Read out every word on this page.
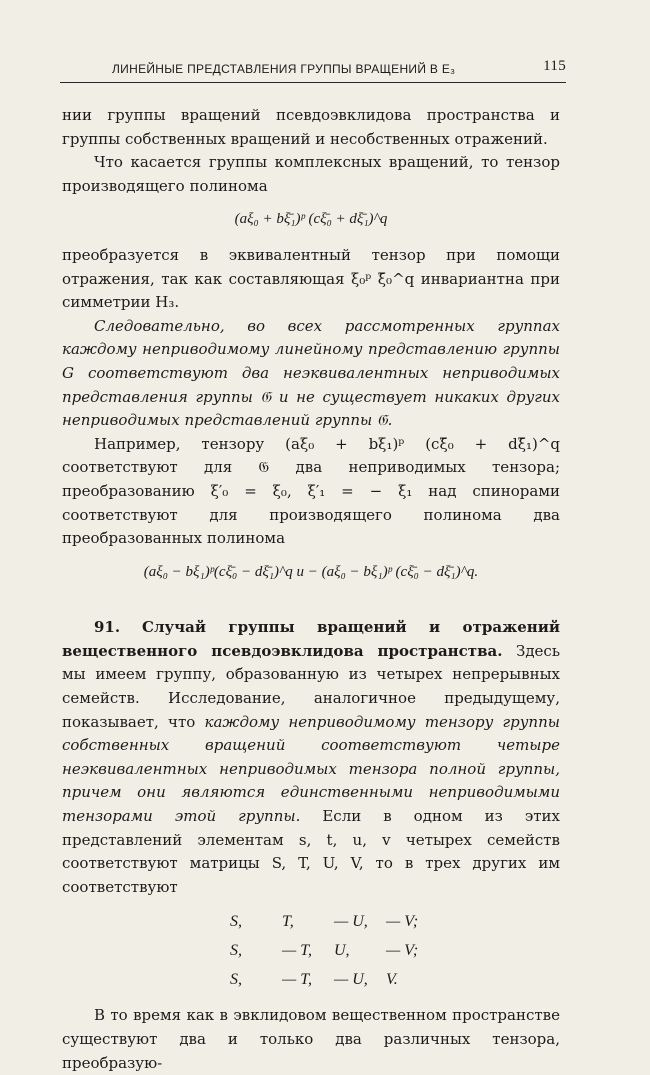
ЛИНЕЙНЫЕ ПРЕДСТАВЛЕНИЯ ГРУППЫ ВРАЩЕНИЙ В E₃	115

нии группы вращений псевдоэвклидова пространства и группы собственных вращений и несобственных отражений.

Что касается группы комплексных вращений, то тензор производящего полинома

(aξ₀ + bξ̄₁)ᵖ (cξ̄₀ + dξ̄₁)^q

преобразуется в эквивалентный тензор при помощи отражения, так как составляющая ξ₀ᵖ ξ̄₀^q инвариантна при симметрии H₃.

Следовательно, во всех рассмотренных группах каждому неприводимому линейному представлению группы G соответствуют два неэквивалентных неприводимых представления группы 𝔊 и не существует никаких других неприводимых представлений группы 𝔊.

Например, тензору (aξ₀ + bξ₁)ᵖ (cξ̄₀ + dξ̄₁)^q соответствуют для 𝔊 два неприводимых тензора; преобразованию ξ′₀ = ξ₀, ξ′₁ = − ξ₁ над спинорами соответствуют для производящего полинома два преобразованных полинома

(aξ₀ − bξ₁)ᵖ(cξ̄₀ − dξ̄₁)^q и − (aξ₀ − bξ₁)ᵖ (cξ̄₀ − dξ̄₁)^q.

91. Случай группы вращений и отражений вещественного псевдоэвклидова пространства. Здесь мы имеем группу, образованную из четырех непрерывных семейств. Исследование, аналогичное предыдущему, показывает, что каждому неприводимому тензору группы собственных вращений соответствуют четыре неэквивалентных неприводимых тензора полной группы, причем они являются единственными неприводимыми тензорами этой группы. Если в одном из этих представлений элементам s, t, u, v четырех семейств соответствуют матрицы S, T, U, V, то в трех других им соответствуют

S,	T,	— U,	— V;
S,	— T,	U,	— V;
S,	— T,	— U,	V.

В то время как в эвклидовом вещественном пространстве существуют два и только два различных тензора, преобразую-
